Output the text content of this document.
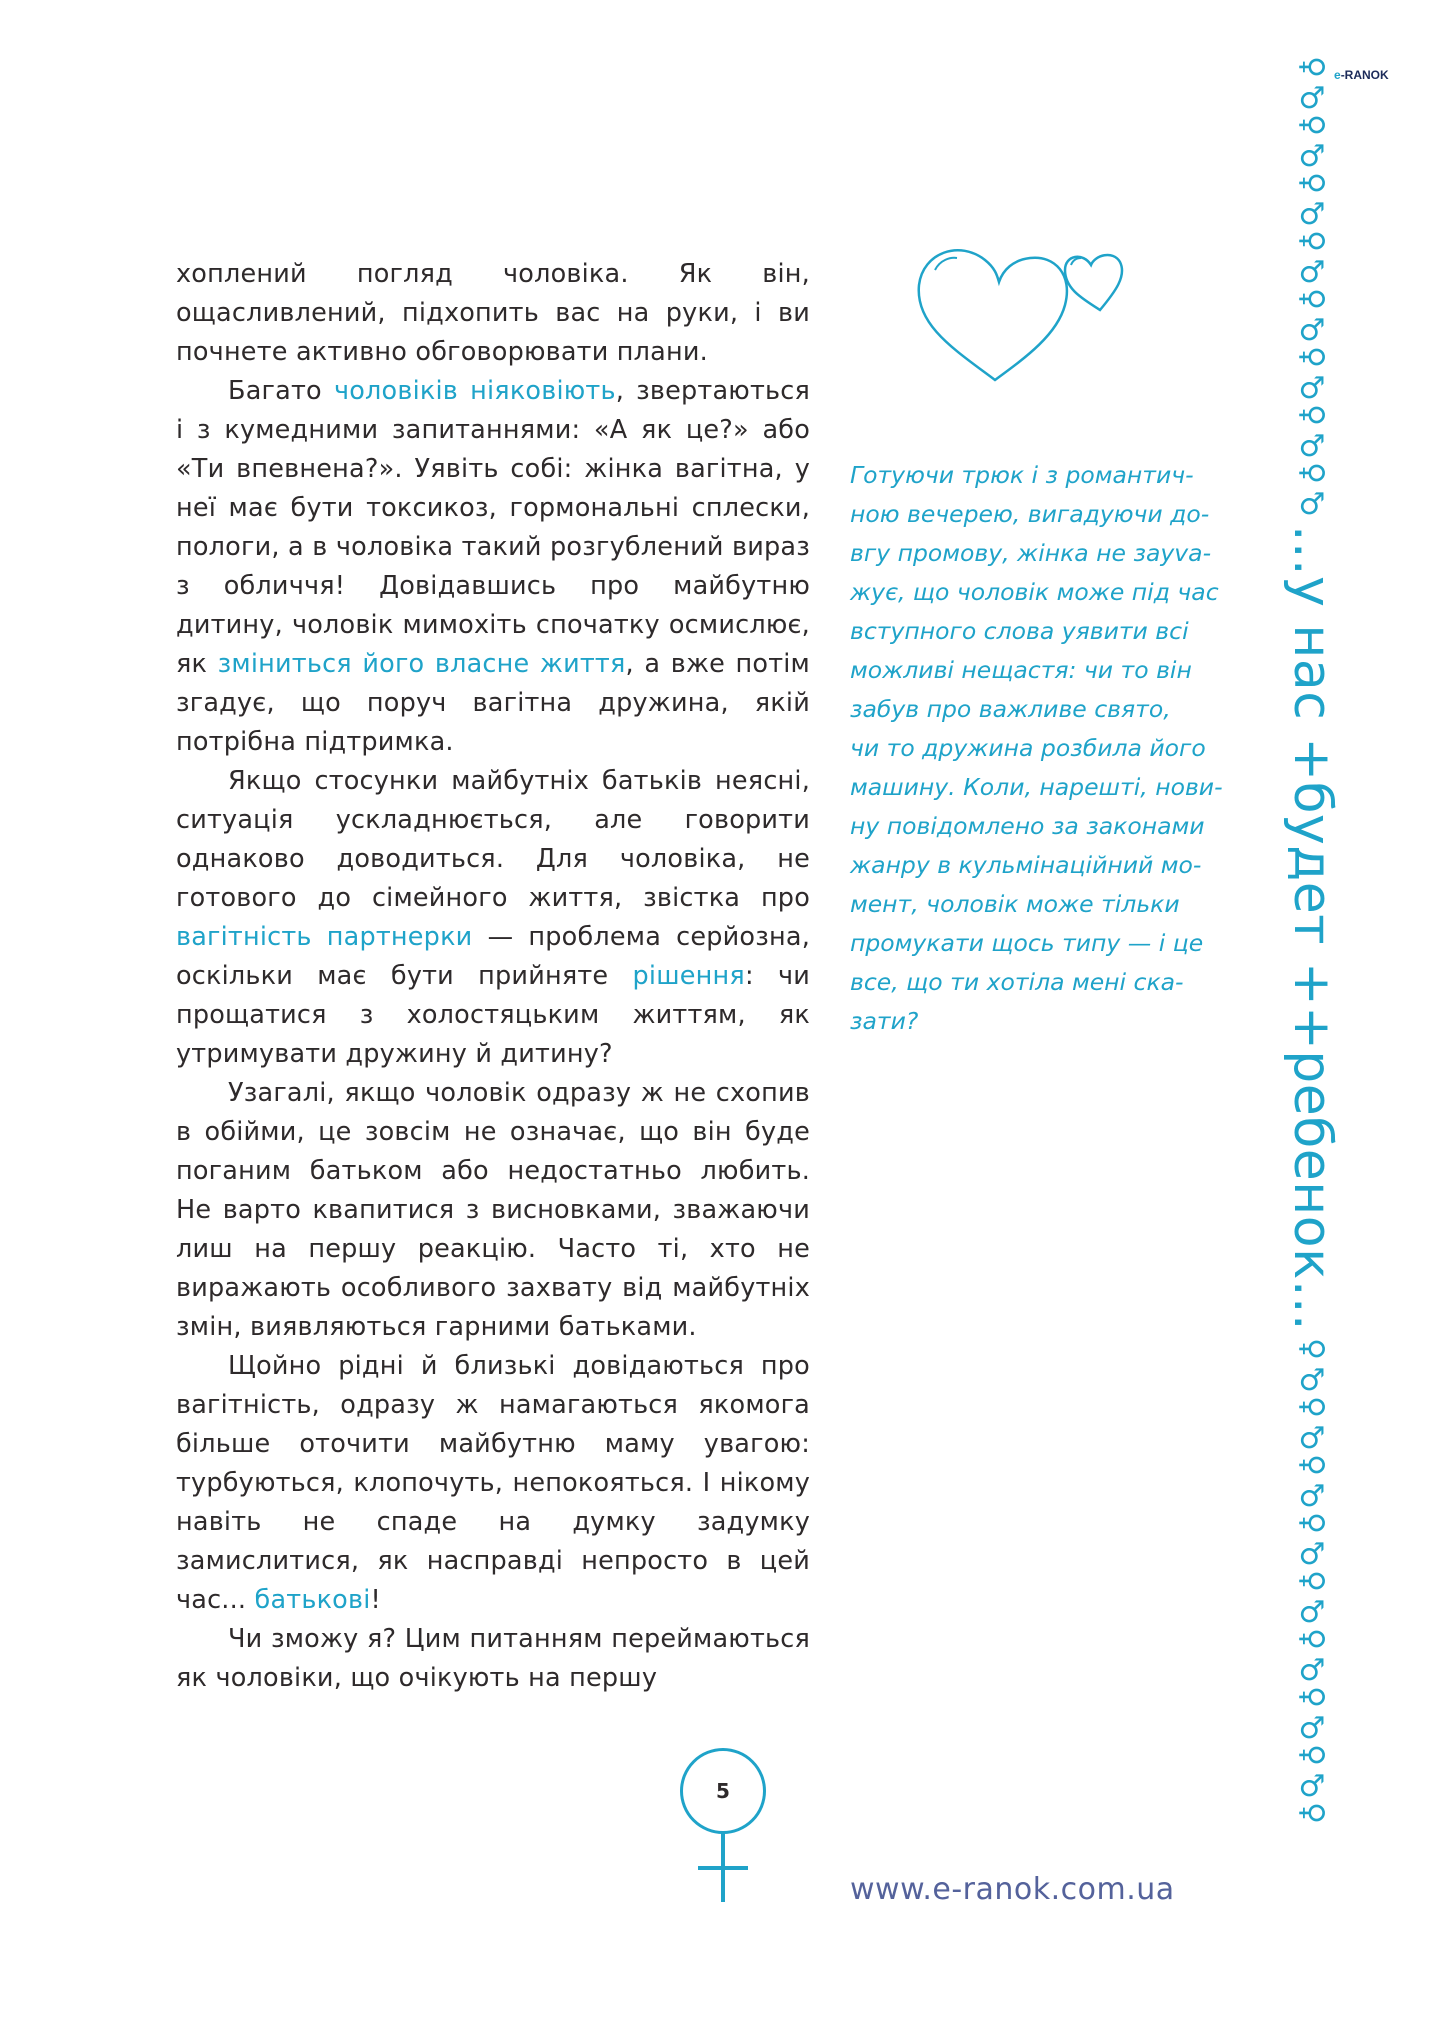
e-RANOK

хоплений погляд чоловіка. Як він, ощасливлений, підхопить вас на руки, і ви почнете активно обговорювати плани.

Багато чоловіків ніяковіють, звертаються і з кумедними запитаннями: «А як це?» або «Ти впевнена?». Уявіть собі: жінка вагітна, у неї має бути токсикоз, гормональні сплески, пологи, а в чоловіка такий розгублений вираз з обличчя! Довідавшись про майбутню дитину, чоловік мимохіть спочатку осмислює, як зміниться його власне життя, а вже потім згадує, що поруч вагітна дружина, якій потрібна підтримка.

Якщо стосунки майбутніх батьків неясні, ситуація ускладнюється, але говорити однаково доводиться. Для чоловіка, не готового до сімейного життя, звістка про вагітність партнерки — проблема серйозна, оскільки має бути прийняте рішення: чи прощатися з холостяцьким життям, як утримувати дружину й дитину?

Узагалі, якщо чоловік одразу ж не схопив в обійми, це зовсім не означає, що він буде поганим батьком або недостатньо любить. Не варто квапитися з висновками, зважаючи лиш на першу реакцію. Часто ті, хто не виражають особливого захвату від майбутніх змін, виявляються гарними батьками.

Щойно рідні й близькі довідаються про вагітність, одразу ж намагаються якомога більше оточити майбутню маму увагою: турбуються, клопочуть, непокояться. І нікому навіть не спаде на думку задумку замислитися, як насправді непросто в цей час... батькові!

Чи зможу я? Цим питанням переймаються як чоловіки, що очікують на першу

Готуючи трюк і з романтич-
ною вечерею, вигадуючи до-
вгу промову, жінка не зауva-
жує, що чоловік може під час
вступного слова уявити всі
можливі нещастя: чи то він
забув про важливе свято,
чи то дружина розбила його
машину. Коли, нарешті, нови-
ну повідомлено за законами
жанру в кульмінаційний мо-
мент, чоловік може тільки
промукати щось типу — і це
все, що ти хотіла мені ска-
зати?
♀
♂
♀
♂
♀
♂
♀
♂
♀
♂
♀
♂
♀
♂
♀
♂
...у нас +будет ++ребенок...
♀
♂
♀
♂
♀
♂
♀
♂
♀
♂
♀
♂
♀
♂
♀
♂
♀
5
www.e-ranok.com.ua
